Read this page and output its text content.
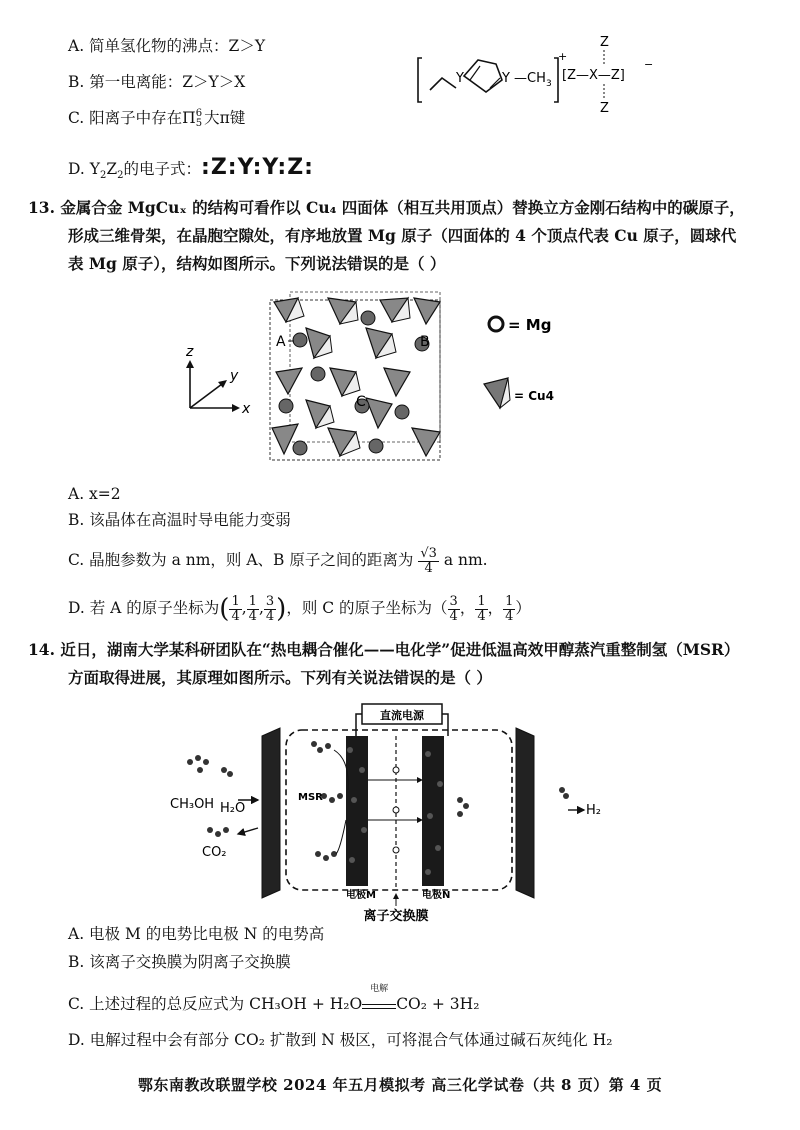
A. 简单氢化物的沸点：Z＞Y
B. 第一电离能：Z＞Y＞X
C. 阳离子中存在Π 6
5 大π键
D. $Y_2Z_2$的电子式：:Z:Y:Y:Z:
Y	Y —CH 3
+
Z
[Z—X—Z]
−
Z
13. 金属合金 MgCuₓ 的结构可看作以 Cu₄ 四面体（相互共用顶点）替换立方金刚石结构中的碳原子，
形成三维骨架，在晶胞空隙处，有序地放置 Mg 原子（四面体的 4 个顶点代表 Cu 原子，圆球代
表 Mg 原子），结构如图所示。下列说法错误的是（ ）
z
y
x
A	B
C
= Mg
= Cu4
A. x=2
B. 该晶体在高温时导电能力变弱
C. 晶胞参数为 a nm，则 A、B 原子之间的距离为 $\frac{√3}{4}$ a nm.
D. 若 A 的原子坐标为( $\frac{1}{4}$ , $\frac{1}{4}$ , $\frac{3}{4}$ )，则 C 的原子坐标为（ $\frac{3}{4}$ ， $\frac{1}{4}$ ， $\frac{1}{4}$ ）
14. 近日，湖南大学某科研团队在“热电耦合催化——电化学”促进低温高效甲醇蒸汽重整制氢（MSR）
方面取得进展，其原理如图所示。下列有关说法错误的是（ ）
直流电源
MSR
CH₃OH H₂O
CO₂
H₂
电极M	电极N
离子交换膜
A. 电极 M 的电势比电极 N 的电势高
B. 该离子交换膜为阴离子交换膜
C. 上述过程的总反应式为 CH₃OH + H₂O
电解
CO₂ + 3H₂
D. 电解过程中会有部分 CO₂ 扩散到 N 极区，可将混合气体通过碱石灰纯化 H₂
鄂东南教改联盟学校 2024 年五月模拟考 高三化学试卷（共 8 页）第 4 页
